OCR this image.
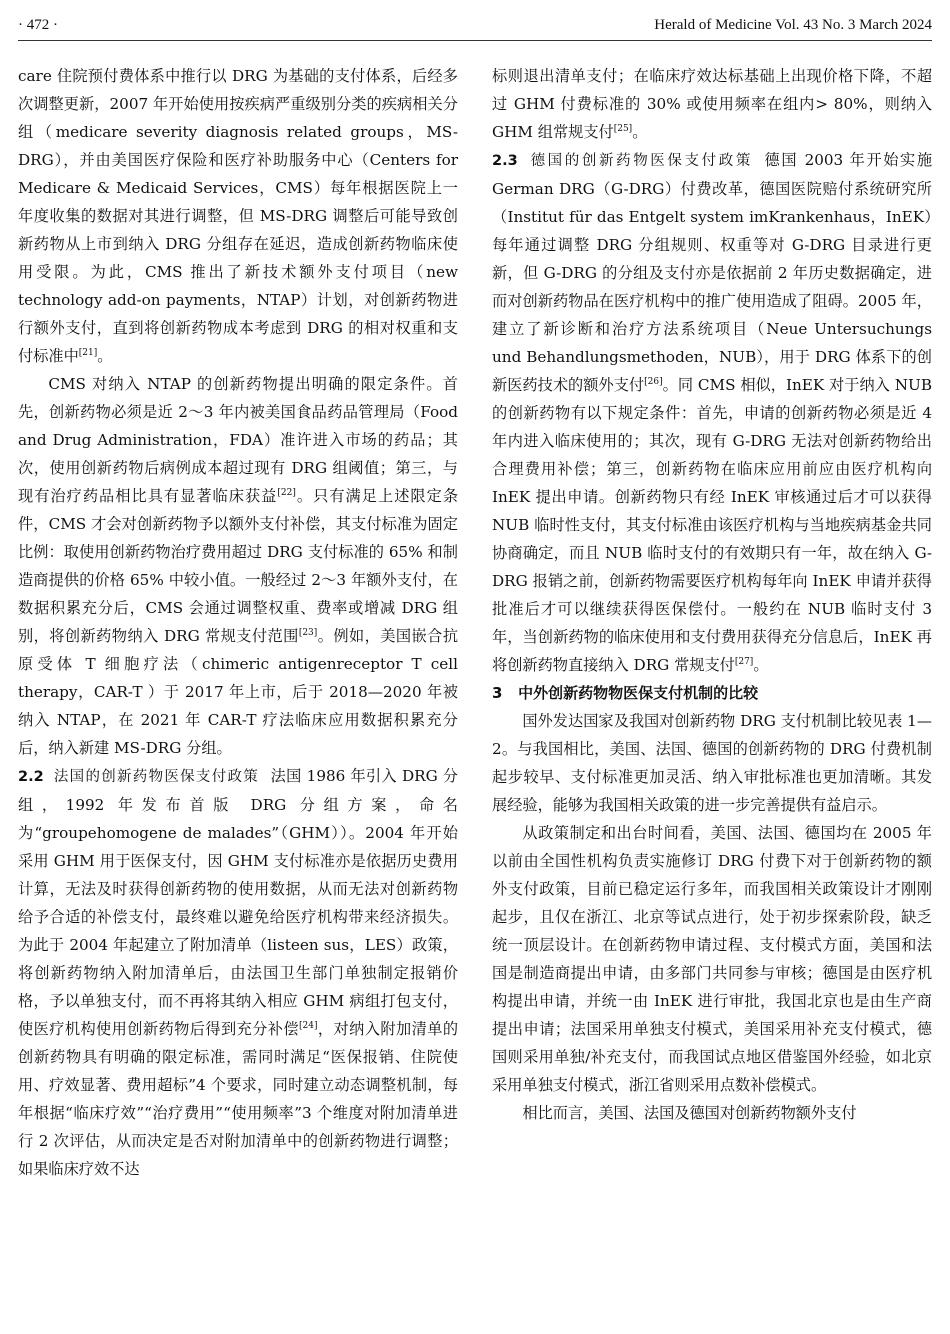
· 472 ·	Herald of Medicine Vol. 43 No. 3 March 2024

care 住院预付费体系中推行以 DRG 为基础的支付体系，后经多次调整更新，2007 年开始使用按疾病严重级别分类的疾病相关分组（medicare severity diagnosis related groups，MS-DRG），并由美国医疗保险和医疗补助服务中心（Centers for Medicare & Medicaid Services，CMS）每年根据医院上一年度收集的数据对其进行调整，但 MS-DRG 调整后可能导致创新药物从上市到纳入 DRG 分组存在延迟，造成创新药物临床使用受限。为此，CMS 推出了新技术额外支付项目（new technology add-on payments，NTAP）计划，对创新药物进行额外支付，直到将创新药物成本考虑到 DRG 的相对权重和支付标准中[21]。

CMS 对纳入 NTAP 的创新药物提出明确的限定条件。首先，创新药物必须是近 2～3 年内被美国食品药品管理局（Food and Drug Administration，FDA）准许进入市场的药品；其次，使用创新药物后病例成本超过现有 DRG 组阈值；第三，与现有治疗药品相比具有显著临床获益[22]。只有满足上述限定条件，CMS 才会对创新药物予以额外支付补偿，其支付标准为固定比例：取使用创新药物治疗费用超过 DRG 支付标准的 65% 和制造商提供的价格 65% 中较小值。一般经过 2～3 年额外支付，在数据积累充分后，CMS 会通过调整权重、费率或增减 DRG 组别，将创新药物纳入 DRG 常规支付范围[23]。例如，美国嵌合抗原受体 T 细胞疗法（chimeric antigenreceptor T cell therapy，CAR-T ）于 2017 年上市，后于 2018—2020 年被纳入 NTAP，在 2021 年 CAR-T 疗法临床应用数据积累充分后，纳入新建 MS-DRG 分组。

2.2 法国的创新药物医保支付政策 法国 1986 年引入 DRG 分组，1992 年发布首版 DRG 分组方案，命名为“groupehomogene de malades”（GHM））。2004 年开始采用 GHM 用于医保支付，因 GHM 支付标准亦是依据历史费用计算，无法及时获得创新药物的使用数据，从而无法对创新药物给予合适的补偿支付，最终难以避免给医疗机构带来经济损失。为此于 2004 年起建立了附加清单（listeen sus，LES）政策，将创新药物纳入附加清单后，由法国卫生部门单独制定报销价格，予以单独支付，而不再将其纳入相应 GHM 病组打包支付，使医疗机构使用创新药物后得到充分补偿[24]，对纳入附加清单的创新药物具有明确的限定标准，需同时满足“医保报销、住院使用、疗效显著、费用超标”4 个要求，同时建立动态调整机制，每年根据“临床疗效”“治疗费用”“使用频率”3 个维度对附加清单进行 2 次评估，从而决定是否对附加清单中的创新药物进行调整；如果临床疗效不达

标则退出清单支付；在临床疗效达标基础上出现价格下降，不超过 GHM 付费标准的 30% 或使用频率在组内> 80%，则纳入 GHM 组常规支付[25]。

2.3 德国的创新药物医保支付政策 德国 2003 年开始实施 German DRG（G-DRG）付费改革，德国医院赔付系统研究所（Institut für das Entgelt system imKrankenhaus，InEK）每年通过调整 DRG 分组规则、权重等对 G-DRG 目录进行更新，但 G-DRG 的分组及支付亦是依据前 2 年历史数据确定，进而对创新药物品在医疗机构中的推广使用造成了阻碍。2005 年，建立了新诊断和治疗方法系统项目（Neue Untersuchungs und Behandlungsmethoden，NUB），用于 DRG 体系下的创新医药技术的额外支付[26]。同 CMS 相似，InEK 对于纳入 NUB 的创新药物有以下规定条件：首先，申请的创新药物必须是近 4 年内进入临床使用的；其次，现有 G-DRG 无法对创新药物给出合理费用补偿；第三，创新药物在临床应用前应由医疗机构向 InEK 提出申请。创新药物只有经 InEK 审核通过后才可以获得 NUB 临时性支付，其支付标准由该医疗机构与当地疾病基金共同协商确定，而且 NUB 临时支付的有效期只有一年，故在纳入 G-DRG 报销之前，创新药物需要医疗机构每年向 InEK 申请并获得批准后才可以继续获得医保偿付。一般约在 NUB 临时支付 3 年，当创新药物的临床使用和支付费用获得充分信息后，InEK 再将创新药物直接纳入 DRG 常规支付[27]。

3 中外创新药物物医保支付机制的比较

国外发达国家及我国对创新药物 DRG 支付机制比较见表 1—2。与我国相比，美国、法国、德国的创新药物的 DRG 付费机制起步较早、支付标准更加灵活、纳入审批标准也更加清晰。其发展经验，能够为我国相关政策的进一步完善提供有益启示。

从政策制定和出台时间看，美国、法国、德国均在 2005 年以前由全国性机构负责实施修订 DRG 付费下对于创新药物的额外支付政策，目前已稳定运行多年，而我国相关政策设计才刚刚起步，且仅在浙江、北京等试点进行，处于初步探索阶段，缺乏统一顶层设计。在创新药物申请过程、支付模式方面，美国和法国是制造商提出申请，由多部门共同参与审核；德国是由医疗机构提出申请，并统一由 InEK 进行审批，我国北京也是由生产商提出申请；法国采用单独支付模式，美国采用补充支付模式，德国则采用单独/补充支付，而我国试点地区借鉴国外经验，如北京采用单独支付模式，浙江省则采用点数补偿模式。

相比而言，美国、法国及德国对创新药物额外支付
